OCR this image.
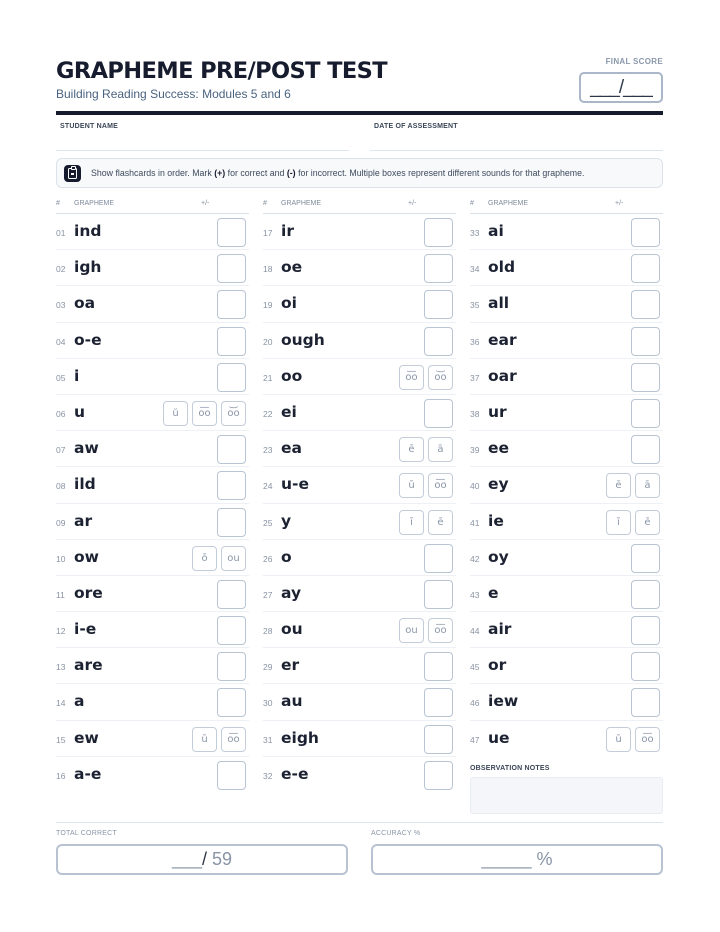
GRAPHEME PRE/POST TEST
Building Reading Success: Modules 5 and 6
FINAL SCORE
___/___
STUDENT NAME	DATE OF ASSESSMENT
Show flashcards in order. Mark (+) for correct and (-) for incorrect. Multiple boxes represent different sounds for that grapheme.
# GRAPHEME	+/-
01 ind
02 igh
03 oa
04 o-e
05 i
06 u	ŭ	o͞o	o͝o
07 aw
08 ild
09 ar
10 ow	ō	ou
11 ore
12 i-e
13 are
14 a
15 ew	ū	o͞o
16 a-e
# GRAPHEME	+/-
17 ir
18 oe
19 oi
20 ough
21 oo	o͞o	o͝o
22 ei
23 ea	ē	ā
24 u-e	ū	o͞o
25 y	ī	ē
26 o
27 ay
28 ou	ou	o͞o
29 er
30 au
31 eigh
32 e-e
# GRAPHEME	+/-
33 ai
34 old
35 all
36 ear
37 oar
38 ur
39 ee
40 ey	ē	ā
41 ie	ī	ē
42 oy
43 e
44 air
45 or
46 iew
47 ue	ū	o͞o
OBSERVATION NOTES
TOTAL CORRECT
___ /
59
ACCURACY %
_____
%
